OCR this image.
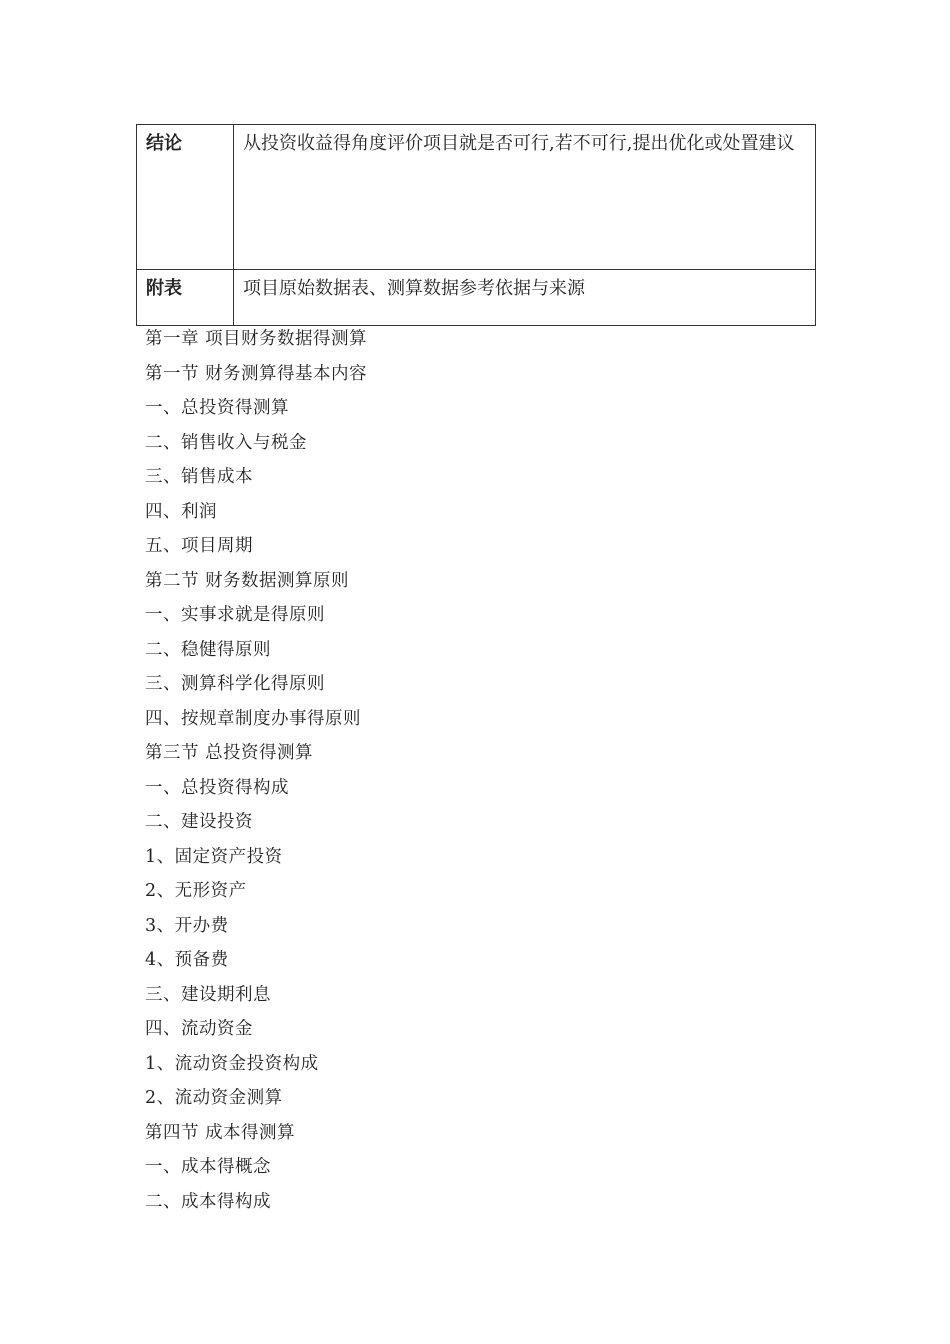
结论	从投资收益得角度评价项目就是否可行,若不可行,提出优化或处置建议
附表	项目原始数据表、测算数据参考依据与来源
第一章 项目财务数据得测算
第一节 财务测算得基本内容
一、总投资得测算
二、销售收入与税金
三、销售成本
四、利润
五、项目周期
第二节 财务数据测算原则
一、实事求就是得原则
二、稳健得原则
三、测算科学化得原则
四、按规章制度办事得原则
第三节 总投资得测算
一、总投资得构成
二、建设投资
1、固定资产投资
2、无形资产
3、开办费
4、预备费
三、建设期利息
四、流动资金
1、流动资金投资构成
2、流动资金测算
第四节 成本得测算
一、成本得概念
二、成本得构成
